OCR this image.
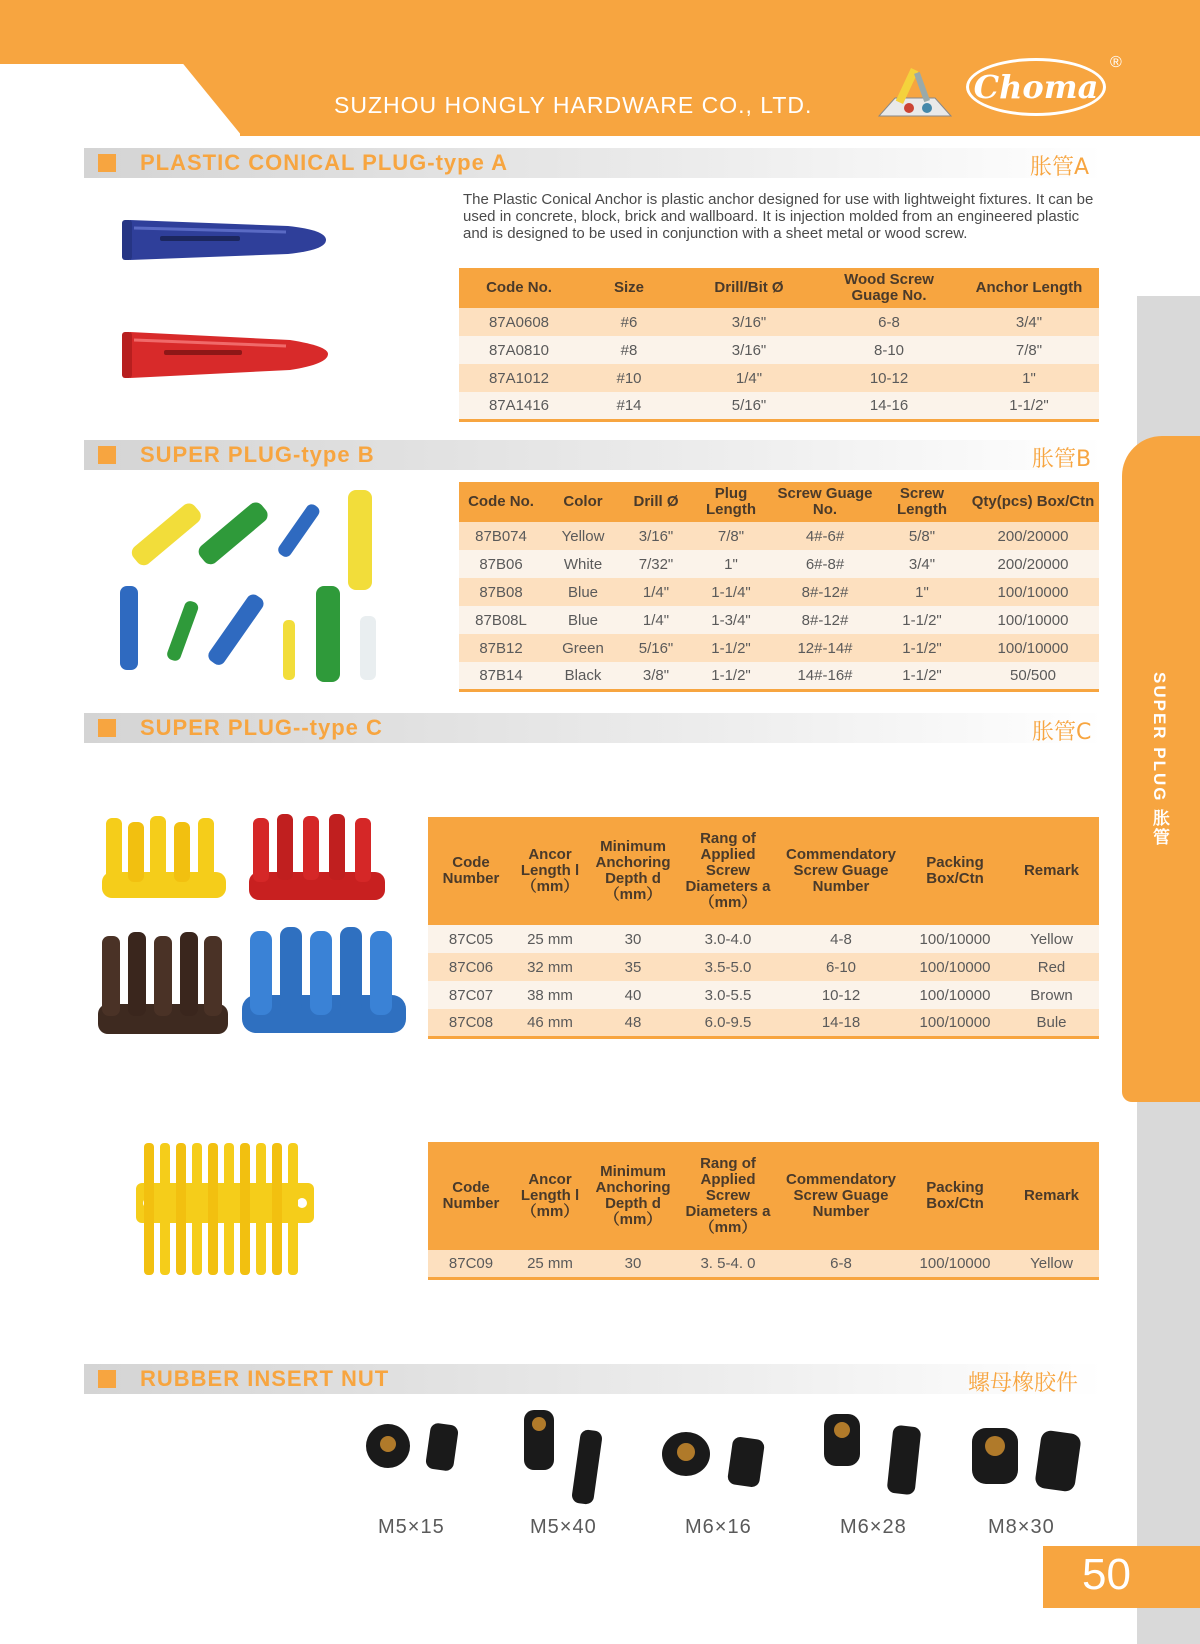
SUZHOU HONGLY HARDWARE CO., LTD.	Choma
®
SUPER PLUG 胀管
50
PLASTIC CONICAL PLUG-type A	胀管A
The Plastic Conical Anchor is plastic anchor designed for use with lightweight fixtures. It can be used in concrete, block, brick and wallboard. It is injection molded from an engineered plastic and is designed to be used in conjunction with a sheet metal or wood screw.
Code No.	Size	Drill/Bit Ø	Wood Screw Guage No.	Anchor Length
87A0608	#6	3/16"	6-8	3/4"
87A0810	#8	3/16"	8-10	7/8"
87A1012	#10	1/4"	10-12	1"
87A1416	#14	5/16"	14-16	1-1/2"
SUPER PLUG-type B	胀管B
Code No.	Color	Drill Ø	Plug Length	Screw Guage No.	Screw Length	Qty(pcs) Box/Ctn
87B074	Yellow	3/16"	7/8"	4#-6#	5/8"	200/20000
87B06	White	7/32"	1"	6#-8#	3/4"	200/20000
87B08	Blue	1/4"	1-1/4"	8#-12#	1"	100/10000
87B08L	Blue	1/4"	1-3/4"	8#-12#	1-1/2"	100/10000
87B12	Green	5/16"	1-1/2"	12#-14#	1-1/2"	100/10000
87B14	Black	3/8"	1-1/2"	14#-16#	1-1/2"	50/500
SUPER PLUG--type C	胀管C
Code Number	Ancor Length l（mm）	Minimum Anchoring Depth d（mm）	Rang of Applied Screw Diameters a（mm）	Commendatory Screw Guage Number	Packing Box/Ctn	Remark
87C05	25 mm	30	3.0-4.0	4-8	100/10000	Yellow
87C06	32 mm	35	3.5-5.0	6-10	100/10000	Red
87C07	38 mm	40	3.0-5.5	10-12	100/10000	Brown
87C08	46 mm	48	6.0-9.5	14-18	100/10000	Bule
Code Number	Ancor Length l（mm）	Minimum Anchoring Depth d（mm）	Rang of Applied Screw Diameters a（mm）	Commendatory Screw Guage Number	Packing Box/Ctn	Remark
87C09	25 mm	30	3. 5-4. 0	6-8	100/10000	Yellow
RUBBER INSERT NUT	螺母橡胶件
M5×15	M5×40	M6×16	M6×28	M8×30
